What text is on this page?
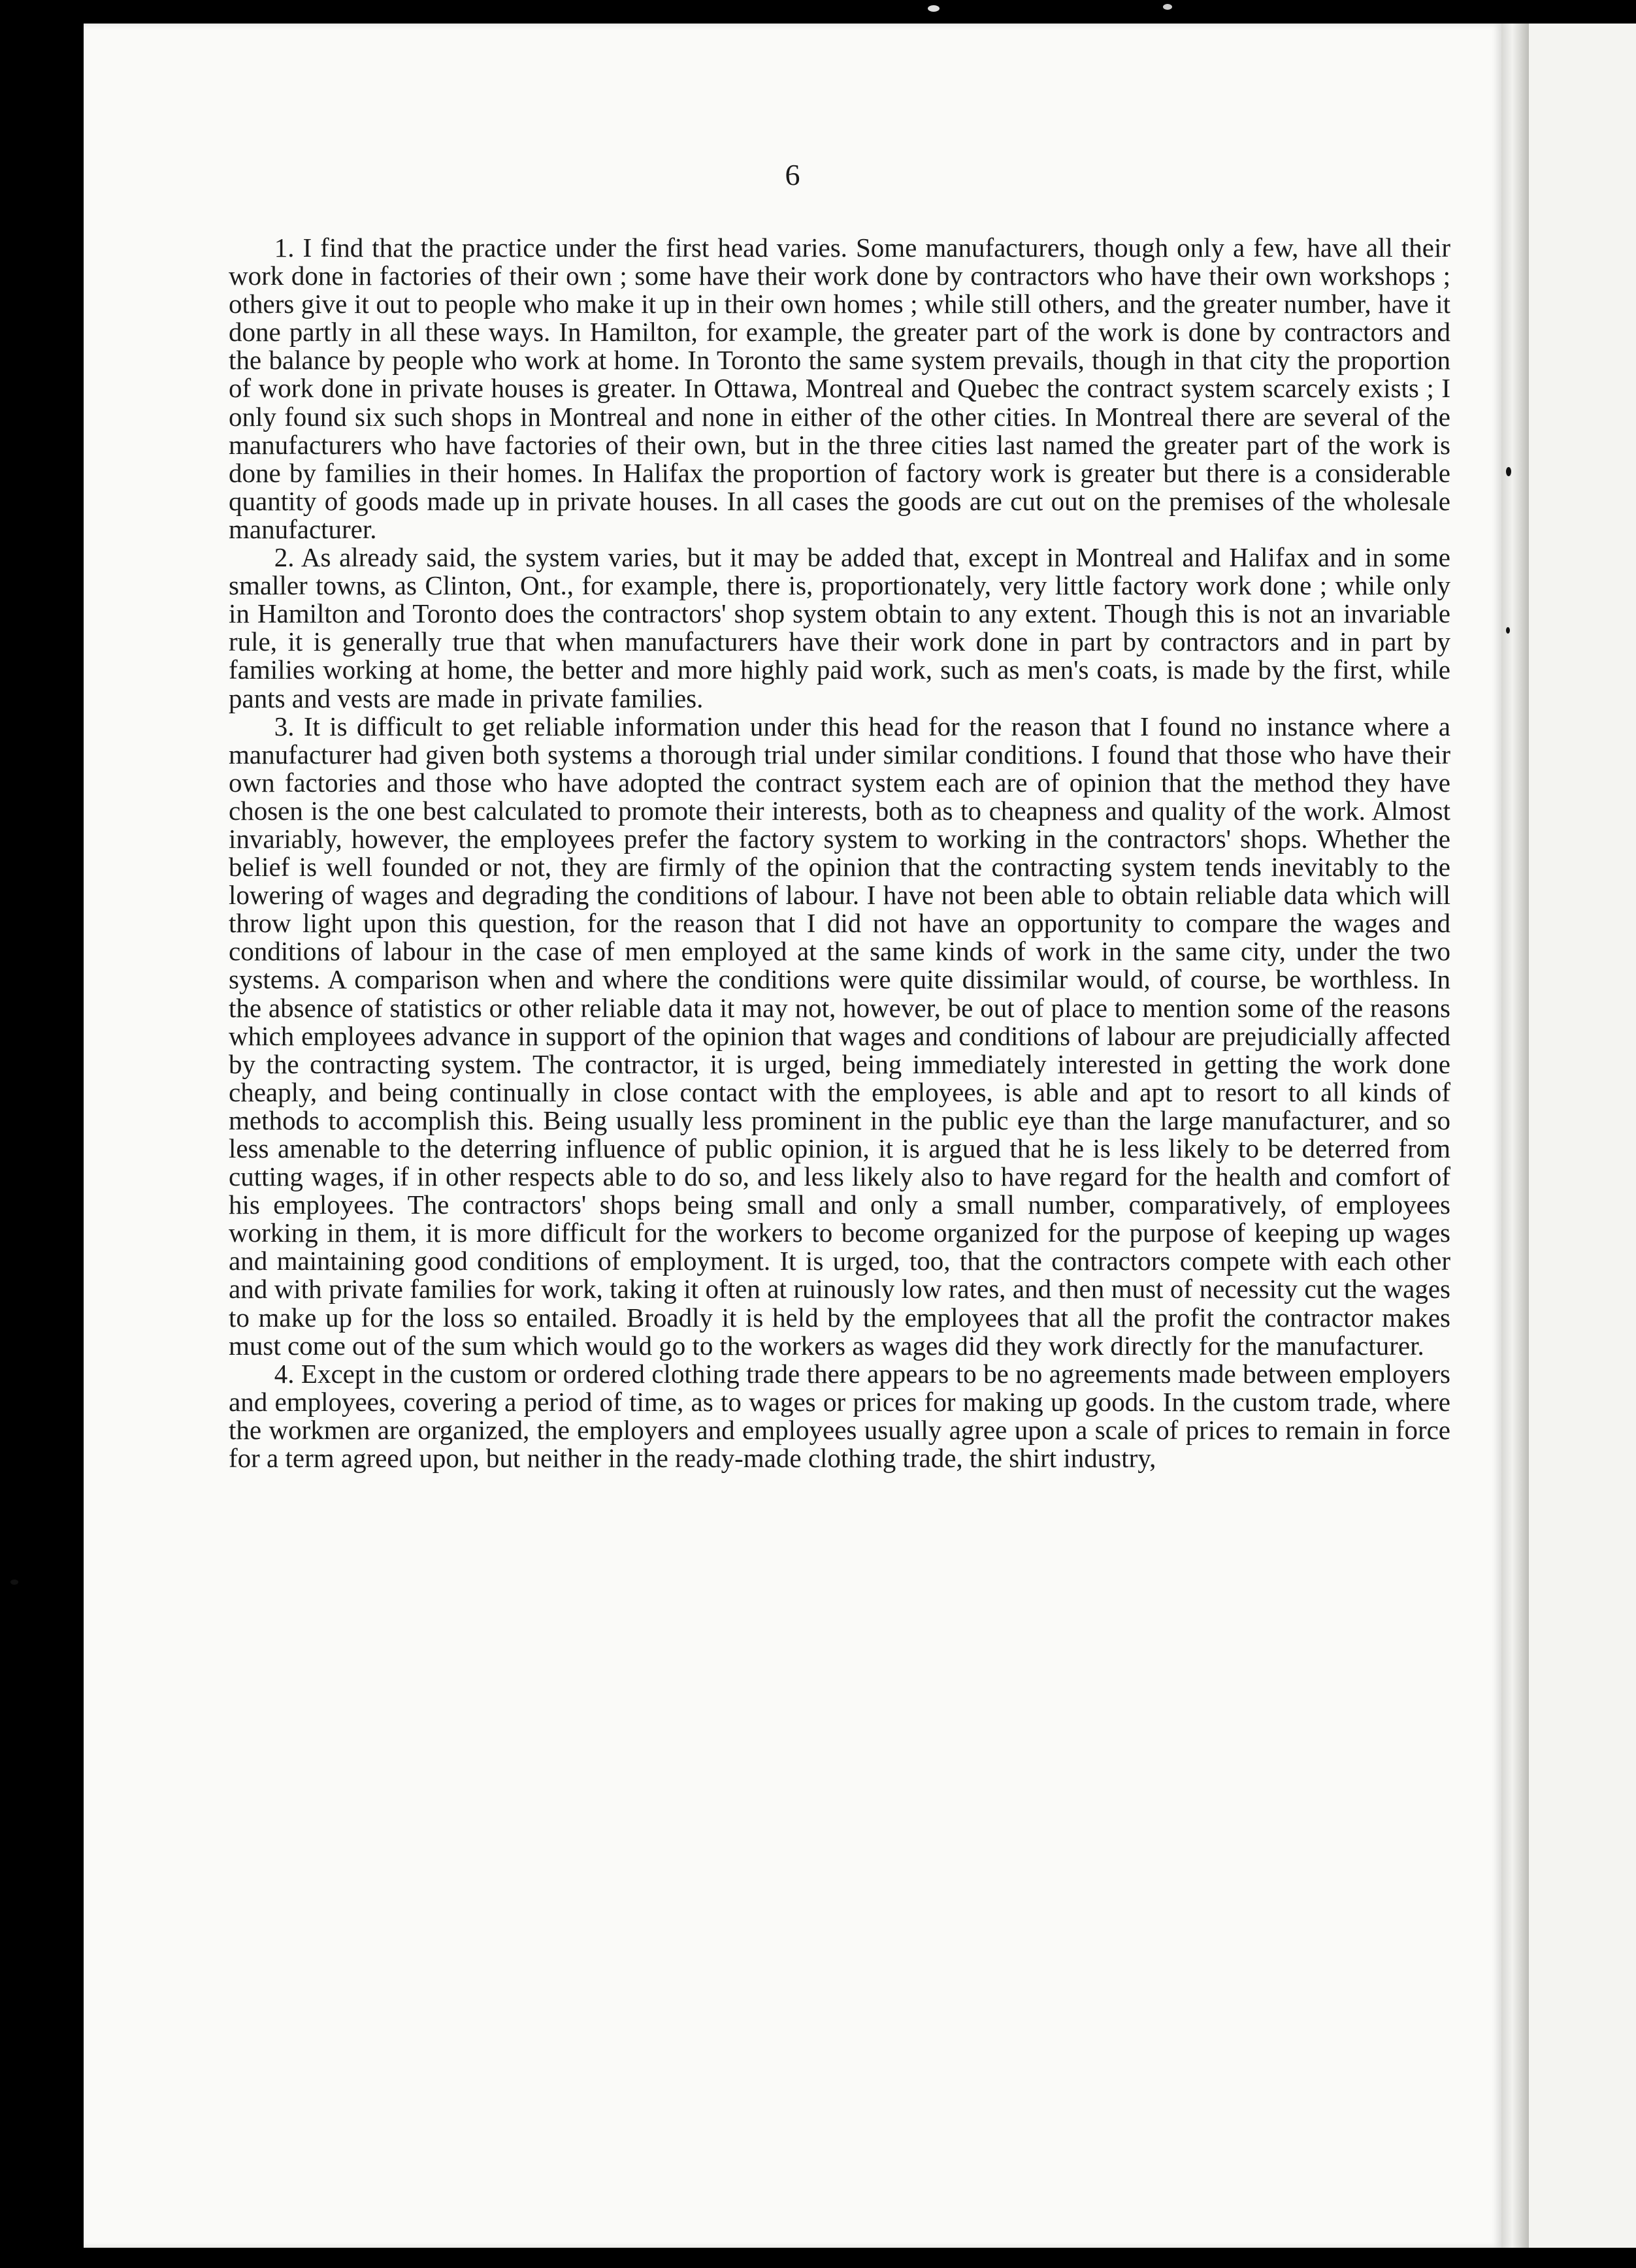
6

1. I find that the practice under the first head varies. Some manufacturers, though only a few, have all their work done in factories of their own ; some have their work done by contractors who have their own workshops ; others give it out to people who make it up in their own homes ; while still others, and the greater number, have it done partly in all these ways. In Hamilton, for example, the greater part of the work is done by contractors and the balance by people who work at home. In Toronto the same system prevails, though in that city the proportion of work done in private houses is greater. In Ottawa, Montreal and Quebec the contract system scarcely exists ; I only found six such shops in Montreal and none in either of the other cities. In Montreal there are several of the manufacturers who have factories of their own, but in the three cities last named the greater part of the work is done by families in their homes. In Halifax the proportion of factory work is greater but there is a considerable quantity of goods made up in private houses. In all cases the goods are cut out on the premises of the wholesale manufacturer.

2. As already said, the system varies, but it may be added that, except in Montreal and Halifax and in some smaller towns, as Clinton, Ont., for example, there is, proportionately, very little factory work done ; while only in Hamilton and Toronto does the contractors' shop system obtain to any extent. Though this is not an invariable rule, it is generally true that when manufacturers have their work done in part by contractors and in part by families working at home, the better and more highly paid work, such as men's coats, is made by the first, while pants and vests are made in private families.

3. It is difficult to get reliable information under this head for the reason that I found no instance where a manufacturer had given both systems a thorough trial under similar conditions. I found that those who have their own factories and those who have adopted the contract system each are of opinion that the method they have chosen is the one best calculated to promote their interests, both as to cheapness and quality of the work. Almost invariably, however, the employees prefer the factory system to working in the contractors' shops. Whether the belief is well founded or not, they are firmly of the opinion that the contracting system tends inevitably to the lowering of wages and degrading the conditions of labour. I have not been able to obtain reliable data which will throw light upon this question, for the reason that I did not have an opportunity to compare the wages and conditions of labour in the case of men employed at the same kinds of work in the same city, under the two systems. A comparison when and where the conditions were quite dissimilar would, of course, be worthless. In the absence of statistics or other reliable data it may not, however, be out of place to mention some of the reasons which employees advance in support of the opinion that wages and conditions of labour are prejudicially affected by the contracting system. The contractor, it is urged, being immediately interested in getting the work done cheaply, and being continually in close contact with the employees, is able and apt to resort to all kinds of methods to accomplish this. Being usually less prominent in the public eye than the large manufacturer, and so less amenable to the deterring influence of public opinion, it is argued that he is less likely to be deterred from cutting wages, if in other respects able to do so, and less likely also to have regard for the health and comfort of his employees. The contractors' shops being small and only a small number, comparatively, of employees working in them, it is more difficult for the workers to become organized for the purpose of keeping up wages and maintaining good conditions of employment. It is urged, too, that the contractors compete with each other and with private families for work, taking it often at ruinously low rates, and then must of necessity cut the wages to make up for the loss so entailed. Broadly it is held by the employees that all the profit the contractor makes must come out of the sum which would go to the workers as wages did they work directly for the manufacturer.

4. Except in the custom or ordered clothing trade there appears to be no agreements made between employers and employees, covering a period of time, as to wages or prices for making up goods. In the custom trade, where the workmen are organized, the employers and employees usually agree upon a scale of prices to remain in force for a term agreed upon, but neither in the ready-made clothing trade, the shirt industry,
